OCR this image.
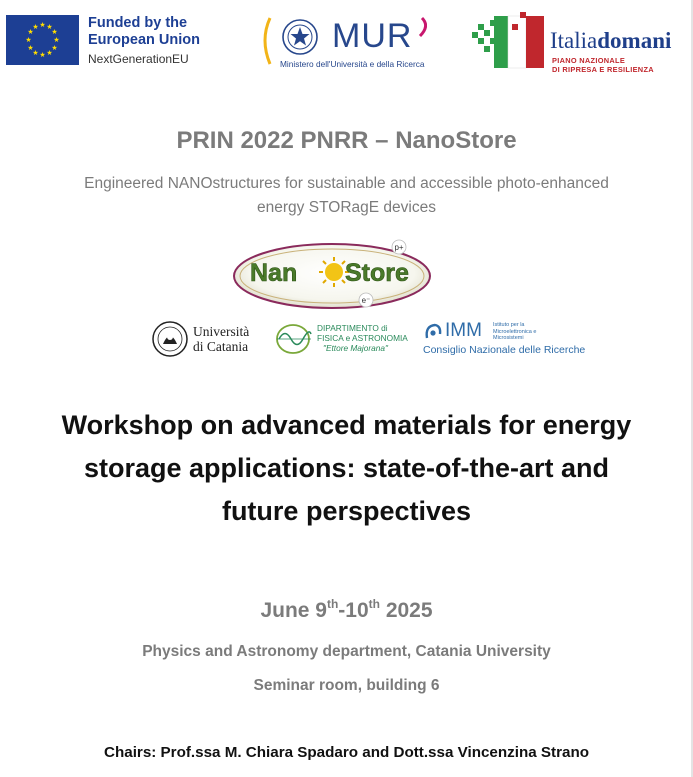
★ ★
★
★
★
★
★
★
★
★
★
★	Funded by the
European Union
NextGenerationEU
MUR
Ministero dell'Università e della Ricerca
Italiadomani
PIANO NAZIONALE
DI RIPRESA E RESILIENZA
PRIN 2022 PNRR – NanoStore
Engineered NANOstructures for sustainable and accessible photo-enhanced energy STORagE devices
Nan Store
p+
e⁻
Università
di Catania
DIPARTIMENTO di
FISICA e ASTRONOMIA
"Ettore Majorana"
IMM Istituto per la
Microelettronica e
Microsistemi
Consiglio Nazionale delle Ricerche
Workshop on advanced materials for energy storage applications: state-of-the-art and future perspectives
June 9th-10th 2025
Physics and Astronomy department, Catania University
Seminar room, building 6
Chairs: Prof.ssa M. Chiara Spadaro and Dott.ssa Vincenzina Strano
